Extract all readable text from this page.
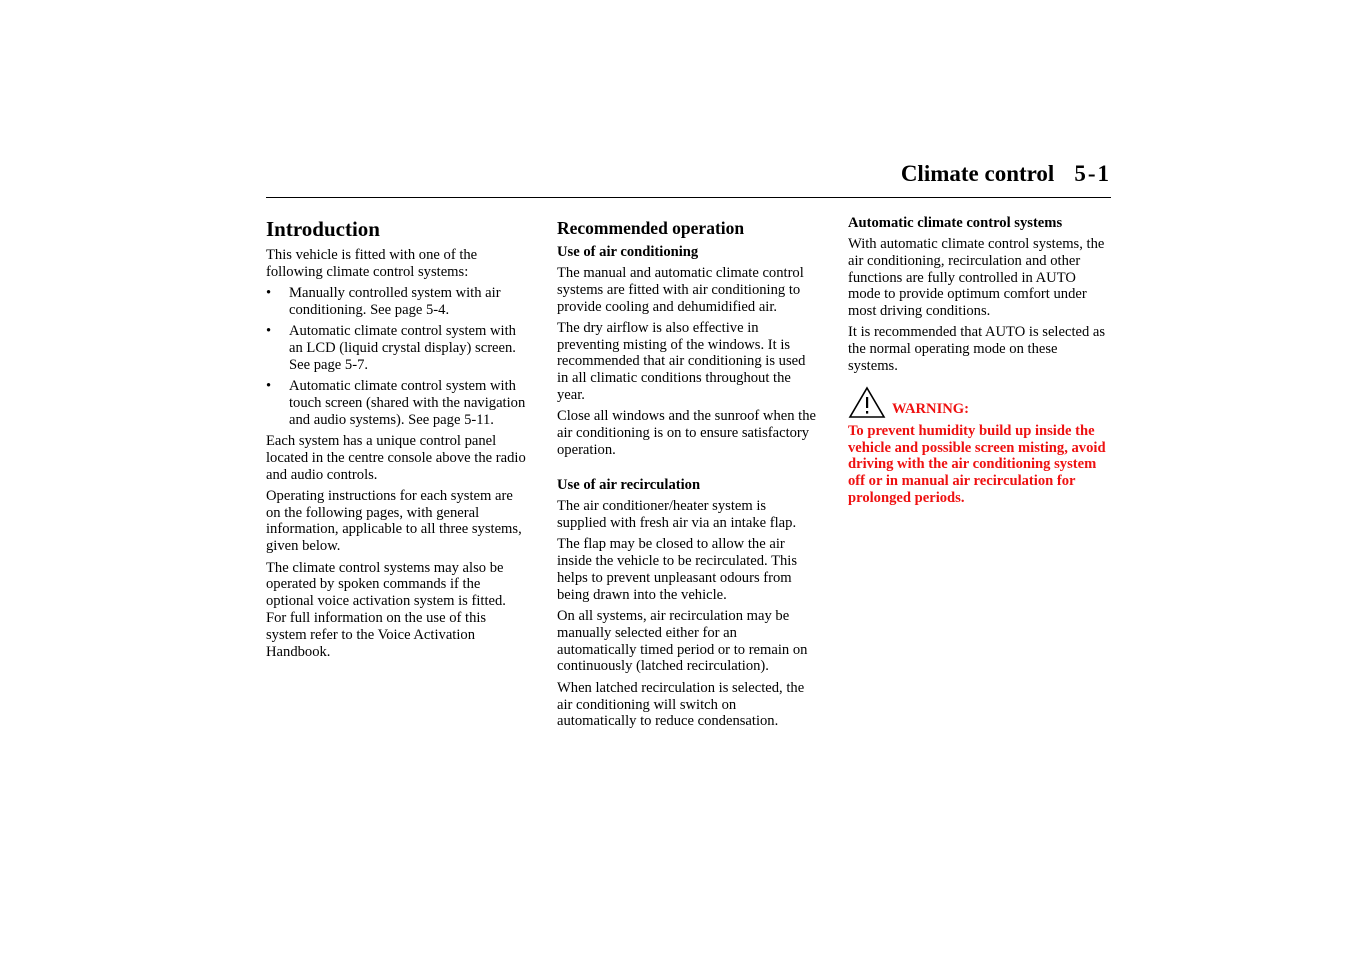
Climate control 5-1
Introduction

This vehicle is fitted with one of the following climate control systems:

• Manually controlled system with air conditioning. See page 5-4.
• Automatic climate control system with an LCD (liquid crystal display) screen. See page 5-7.
• Automatic climate control system with touch screen (shared with the navigation and audio systems). See page 5-11.

Each system has a unique control panel located in the centre console above the radio and audio controls.

Operating instructions for each system are on the following pages, with general information, applicable to all three systems, given below.

The climate control systems may also be operated by spoken commands if the optional voice activation system is fitted. For full information on the use of this system refer to the Voice Activation Handbook.

Recommended operation
Use of air conditioning

The manual and automatic climate control systems are fitted with air conditioning to provide cooling and dehumidified air.

The dry airflow is also effective in preventing misting of the windows. It is recommended that air conditioning is used in all climatic conditions throughout the year.

Close all windows and the sunroof when the air conditioning is on to ensure satisfactory operation.

Use of air recirculation

The air conditioner/heater system is supplied with fresh air via an intake flap.

The flap may be closed to allow the air inside the vehicle to be recirculated. This helps to prevent unpleasant odours from being drawn into the vehicle.

On all systems, air recirculation may be manually selected either for an automatically timed period or to remain on continuously (latched recirculation).

When latched recirculation is selected, the air conditioning will switch on automatically to reduce condensation.

Automatic climate control systems

With automatic climate control systems, the air conditioning, recirculation and other functions are fully controlled in AUTO mode to provide optimum comfort under most driving conditions.

It is recommended that AUTO is selected as the normal operating mode on these systems.

WARNING:
To prevent humidity build up inside the vehicle and possible screen misting, avoid driving with the air conditioning system off or in manual air recirculation for prolonged periods.
